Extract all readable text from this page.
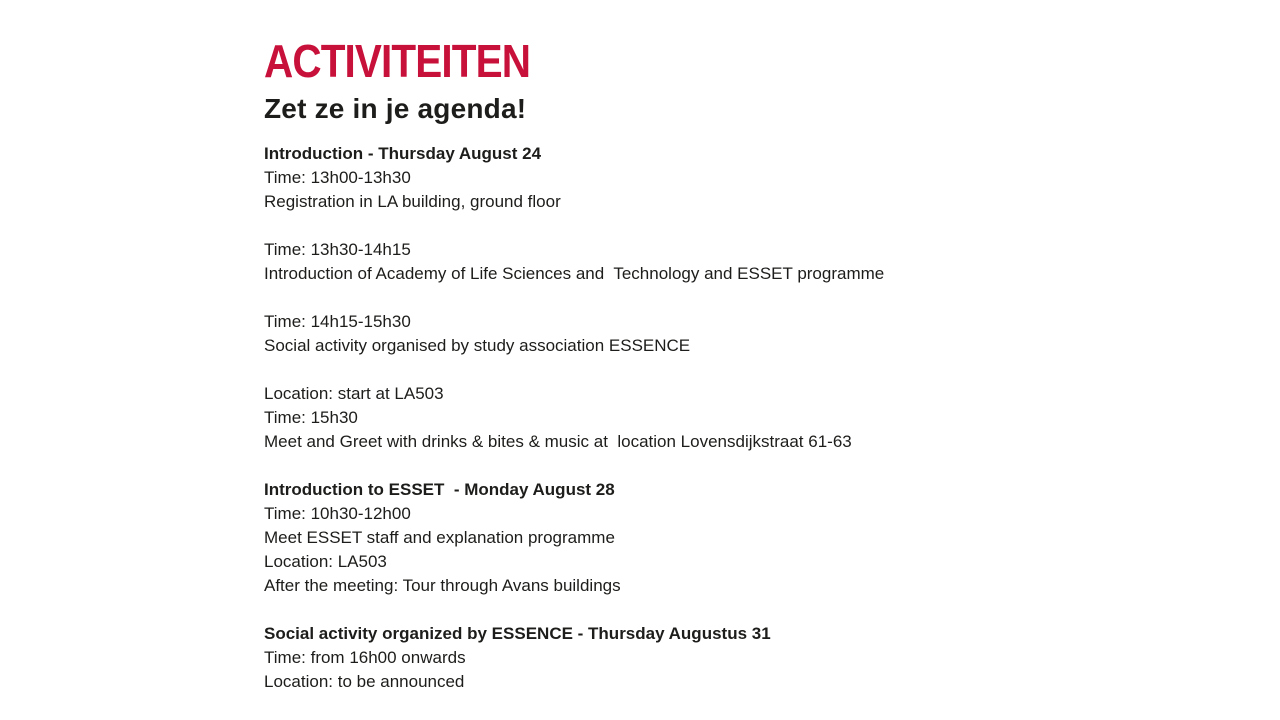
ACTIVITEITEN
Zet ze in je agenda!
Introduction - Thursday August 24
Time: 13h00-13h30
Registration in LA building, ground floor
Time: 13h30-14h15
Introduction of Academy of Life Sciences and  Technology and ESSET programme
Time: 14h15-15h30
Social activity organised by study association ESSENCE
Location: start at LA503
Time: 15h30
Meet and Greet with drinks & bites & music at  location Lovensdijkstraat 61-63
Introduction to ESSET  - Monday August 28
Time: 10h30-12h00
Meet ESSET staff and explanation programme
Location: LA503
After the meeting: Tour through Avans buildings
Social activity organized by ESSENCE - Thursday Augustus 31
Time: from 16h00 onwards
Location: to be announced
